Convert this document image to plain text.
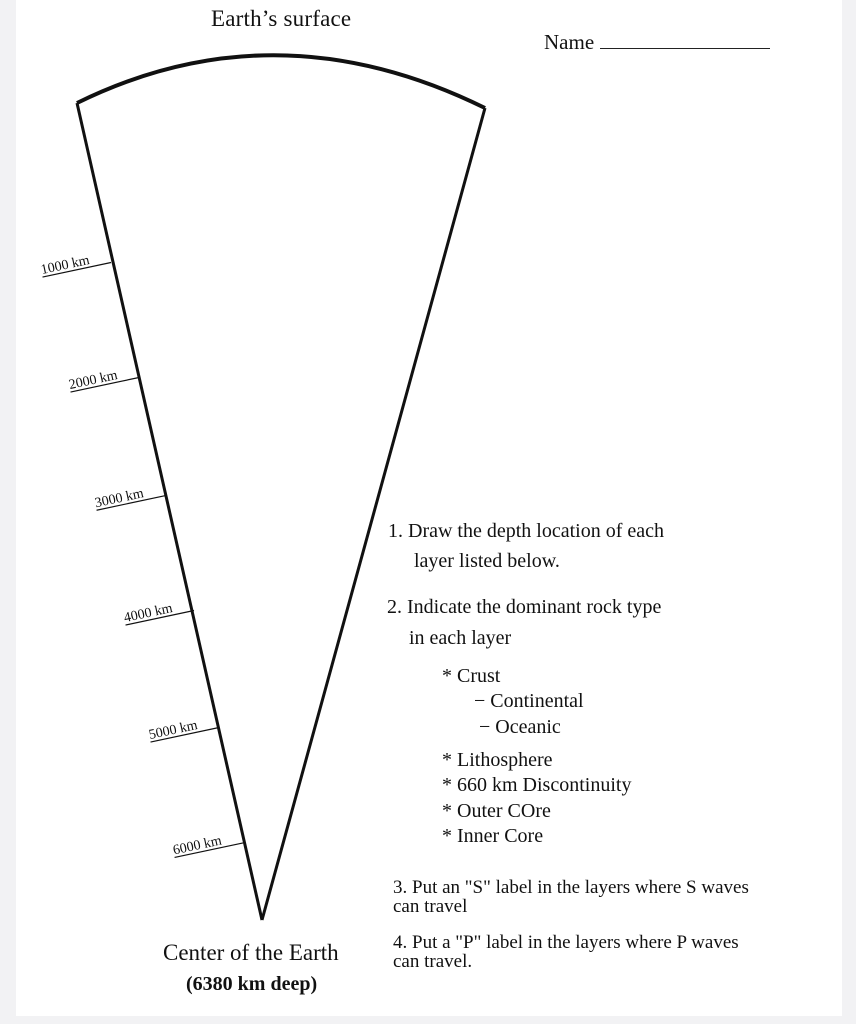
Earth’s surface
Name
1000 km
2000 km
3000 km
4000 km
5000 km
6000 km
Center of the Earth
(6380 km deep)
1. Draw the depth location of each
layer listed below.
2. Indicate the dominant rock type
in each layer
* Crust
− Continental
− Oceanic
* Lithosphere
* 660 km Discontinuity
* Outer COre
* Inner Core
3. Put an "S" label in the layers where S waves
can travel
4. Put a "P" label in the layers where P waves
can travel.
